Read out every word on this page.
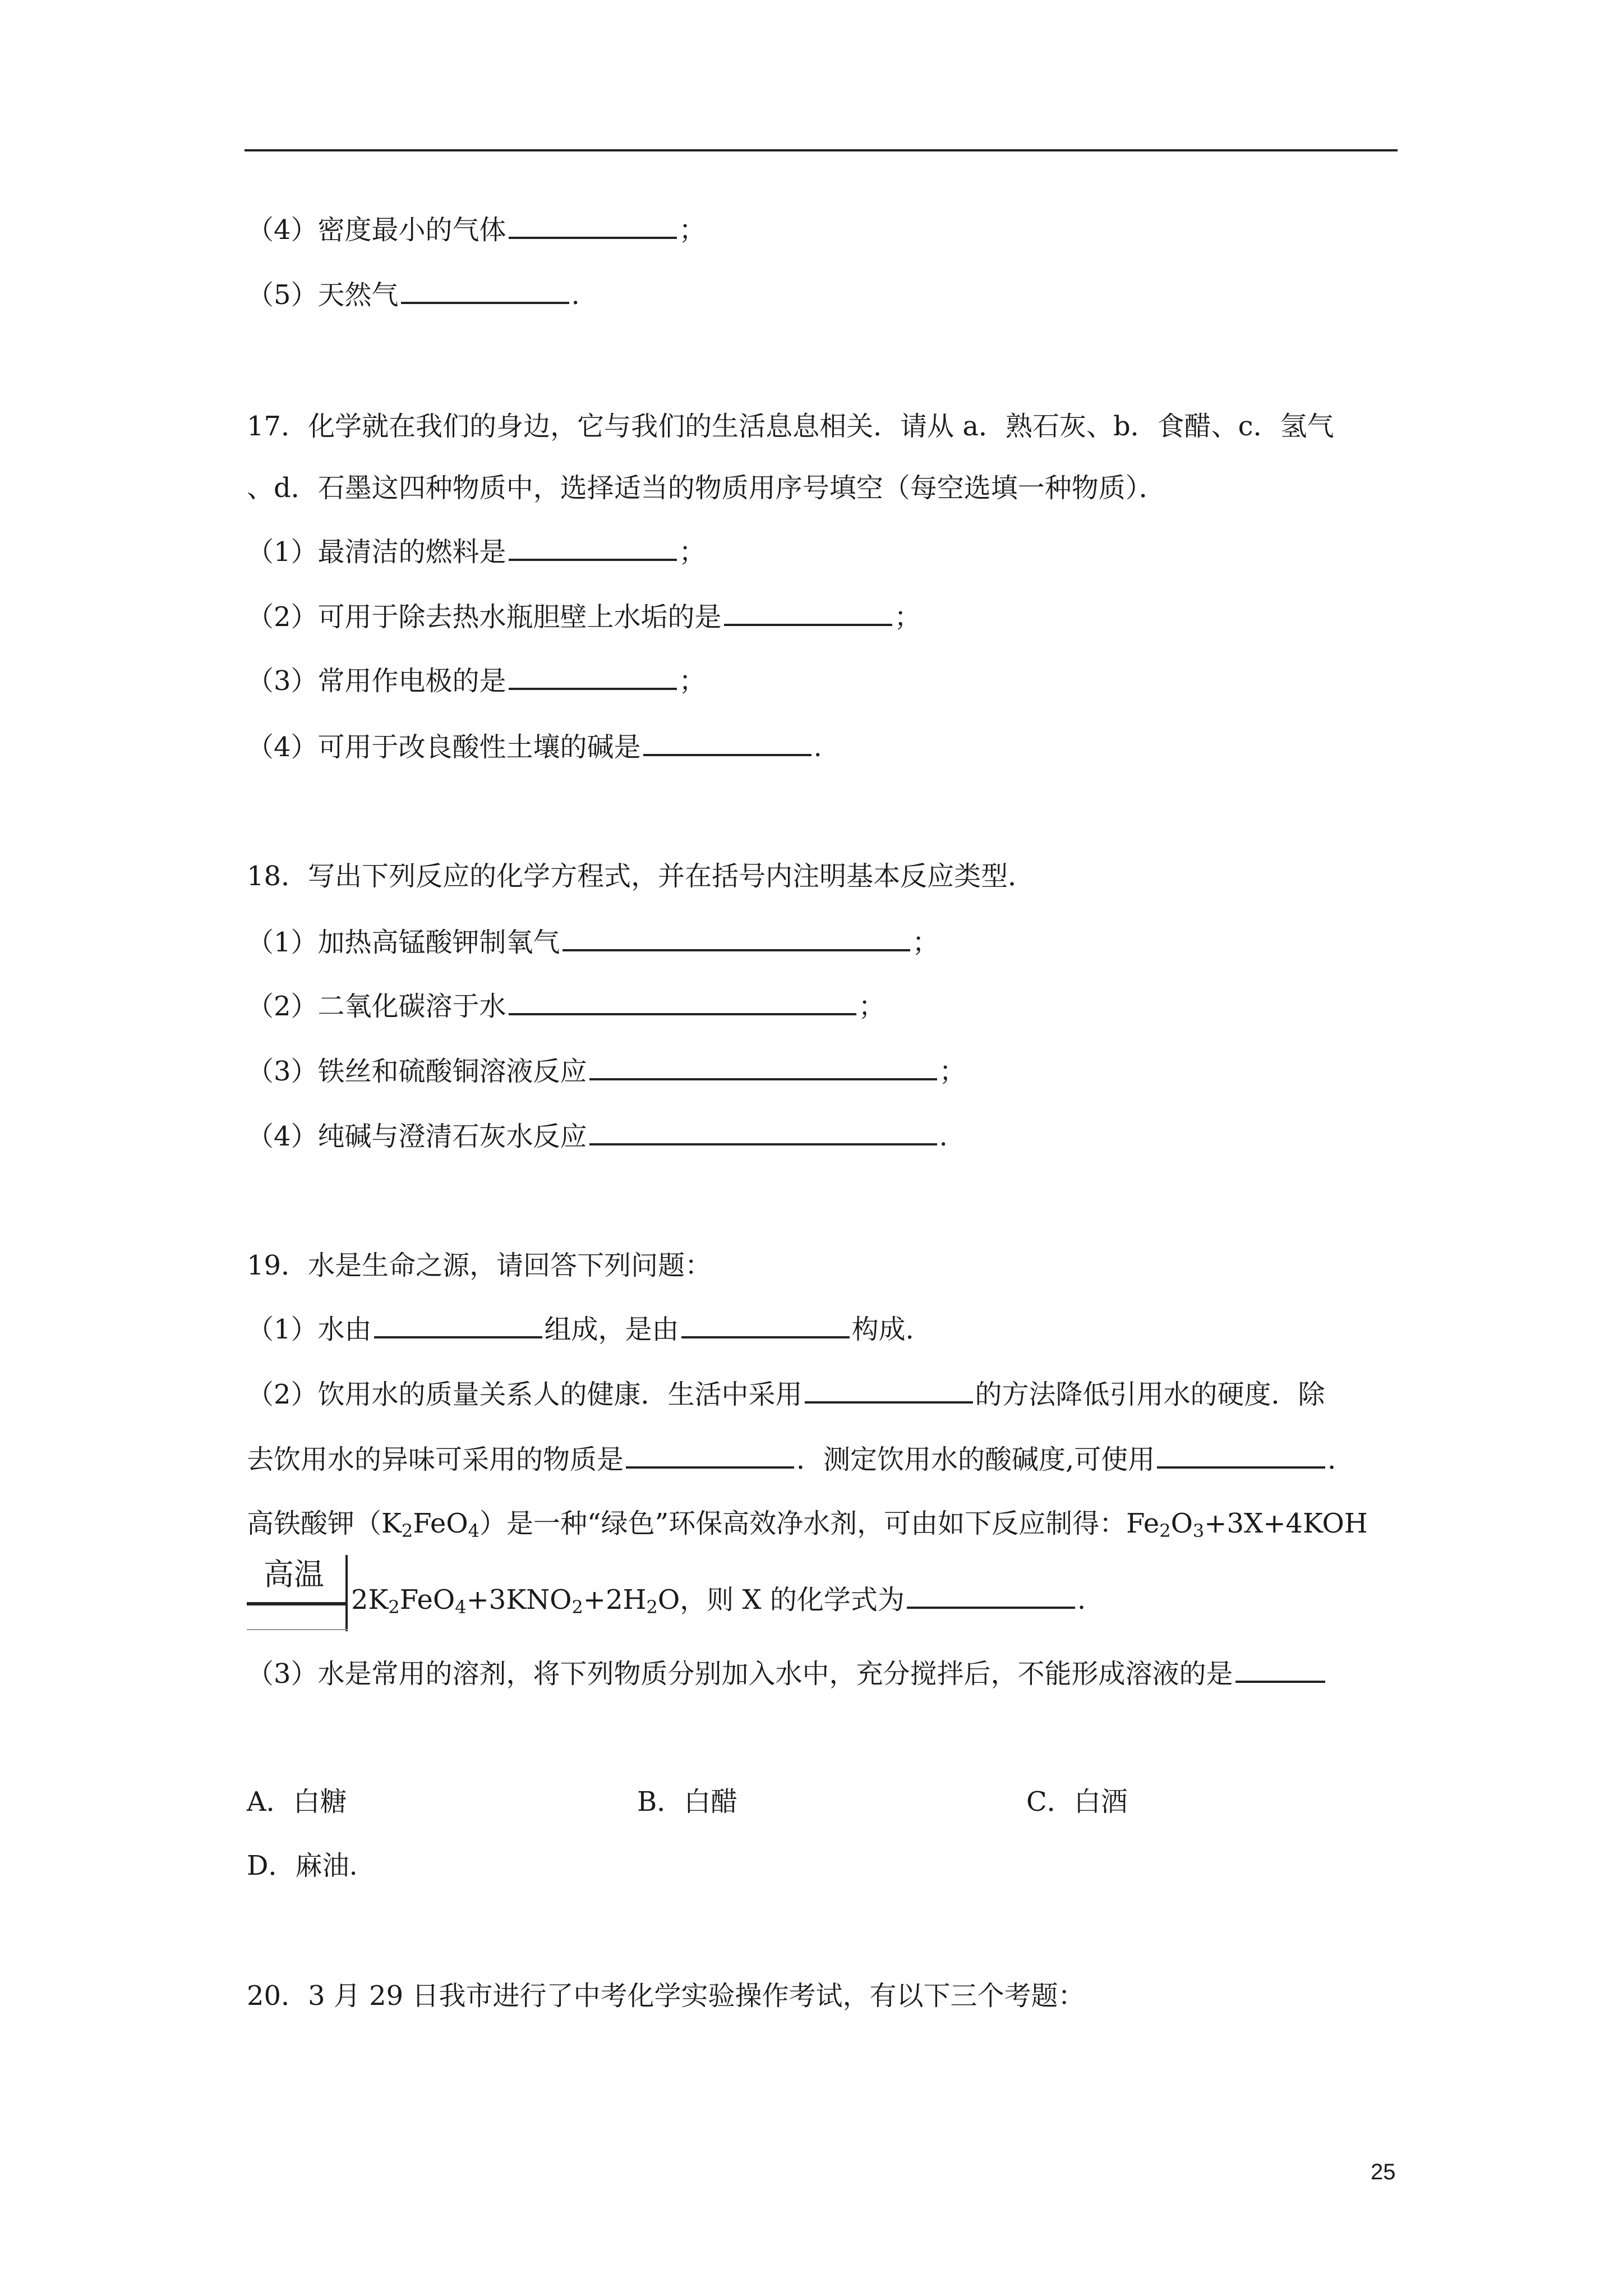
（4）密度最小的气体	；
（5）天然气	.
17．化学就在我们的身边，它与我们的生活息息相关．请从 a．熟石灰、b．食醋、c．氢气
、d．石墨这四种物质中，选择适当的物质用序号填空（每空选填一种物质）．
（1）最清洁的燃料是	；
（2）可用于除去热水瓶胆壁上水垢的是	；
（3）常用作电极的是	；
（4）可用于改良酸性土壤的碱是	.
18．写出下列反应的化学方程式，并在括号内注明基本反应类型．
（1）加热高锰酸钾制氧气	；
（2）二氧化碳溶于水	；
（3）铁丝和硫酸铜溶液反应	；
（4）纯碱与澄清石灰水反应	.
19．水是生命之源，请回答下列问题：
（1）水由	组成，是由	构成．
（2）饮用水的质量关系人的健康．生活中采用	的方法降低引用水的硬度．除
去饮用水的异味可采用的物质是	．测定饮用水的酸碱度,可使用	．
高铁酸钾$(K_2FeO_4)$是一种“绿色”环保高效净水剂，可由如下反应制得：$Fe_2O_3+3X+4KOH$
高温
$2K_2FeO_4+3KNO_2+2H_2O$，则 X 的化学式为	.
（3）水是常用的溶剂，将下列物质分别加入水中，充分搅拌后，不能形成溶液的是
A．白糖	B．白醋	C．白酒
D．麻油.
20．3 月 29 日我市进行了中考化学实验操作考试，有以下三个考题：
25
